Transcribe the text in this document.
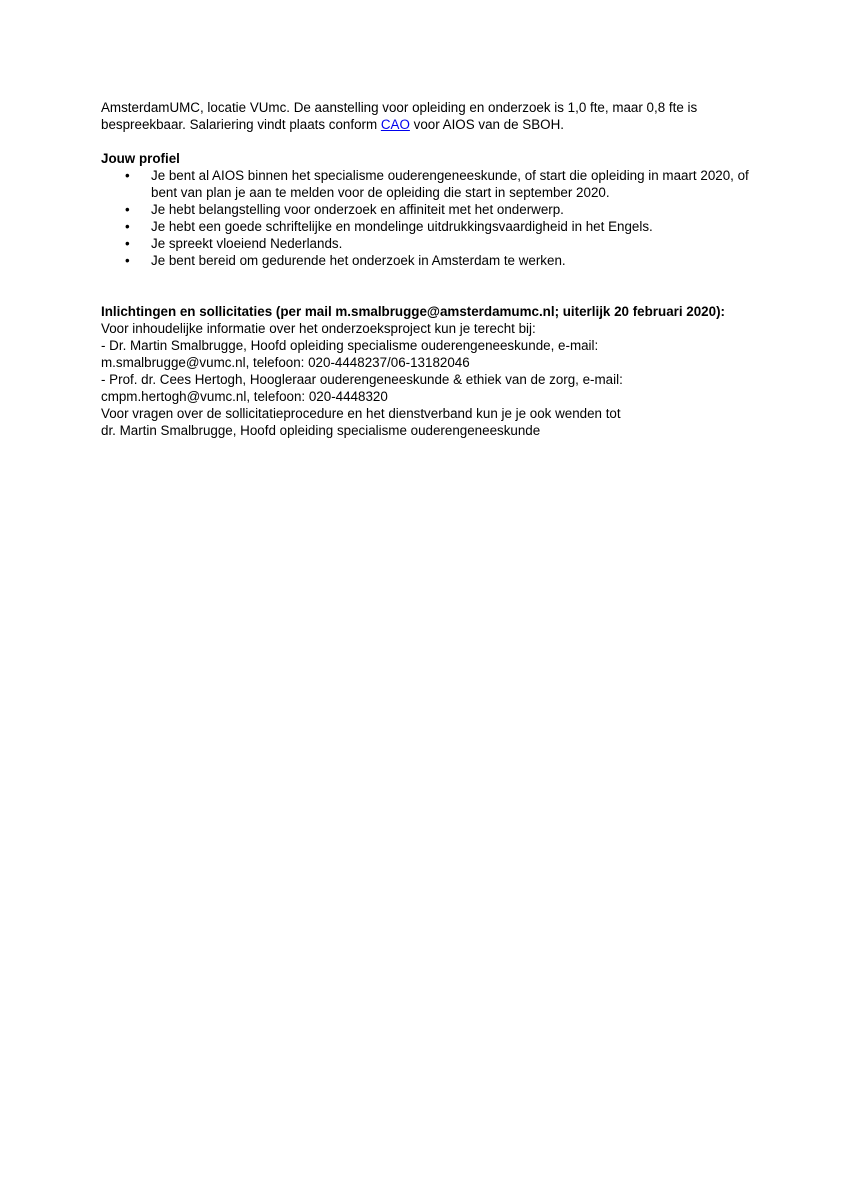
AmsterdamUMC, locatie VUmc. De aanstelling voor opleiding en onderzoek is 1,0 fte, maar 0,8 fte is bespreekbaar. Salariering vindt plaats conform CAO voor AIOS van de SBOH.

Jouw profiel

• Je bent al AIOS binnen het specialisme ouderengeneeskunde, of start die opleiding in maart 2020, of bent van plan je aan te melden voor de opleiding die start in september 2020.
• Je hebt belangstelling voor onderzoek en affiniteit met het onderwerp.
• Je hebt een goede schriftelijke en mondelinge uitdrukkingsvaardigheid in het Engels.
• Je spreekt vloeiend Nederlands.
• Je bent bereid om gedurende het onderzoek in Amsterdam te werken.

Inlichtingen en sollicitaties (per mail m.smalbrugge@amsterdamumc.nl; uiterlijk 20 februari 2020):

Voor inhoudelijke informatie over het onderzoeksproject kun je terecht bij:

- Dr. Martin Smalbrugge, Hoofd opleiding specialisme ouderengeneeskunde, e-mail:

m.smalbrugge@vumc.nl, telefoon: 020-4448237/06-13182046

- Prof. dr. Cees Hertogh, Hoogleraar ouderengeneeskunde & ethiek van de zorg, e-mail:

cmpm.hertogh@vumc.nl, telefoon: 020-4448320

Voor vragen over de sollicitatieprocedure en het dienstverband kun je je ook wenden tot

dr. Martin Smalbrugge, Hoofd opleiding specialisme ouderengeneeskunde
